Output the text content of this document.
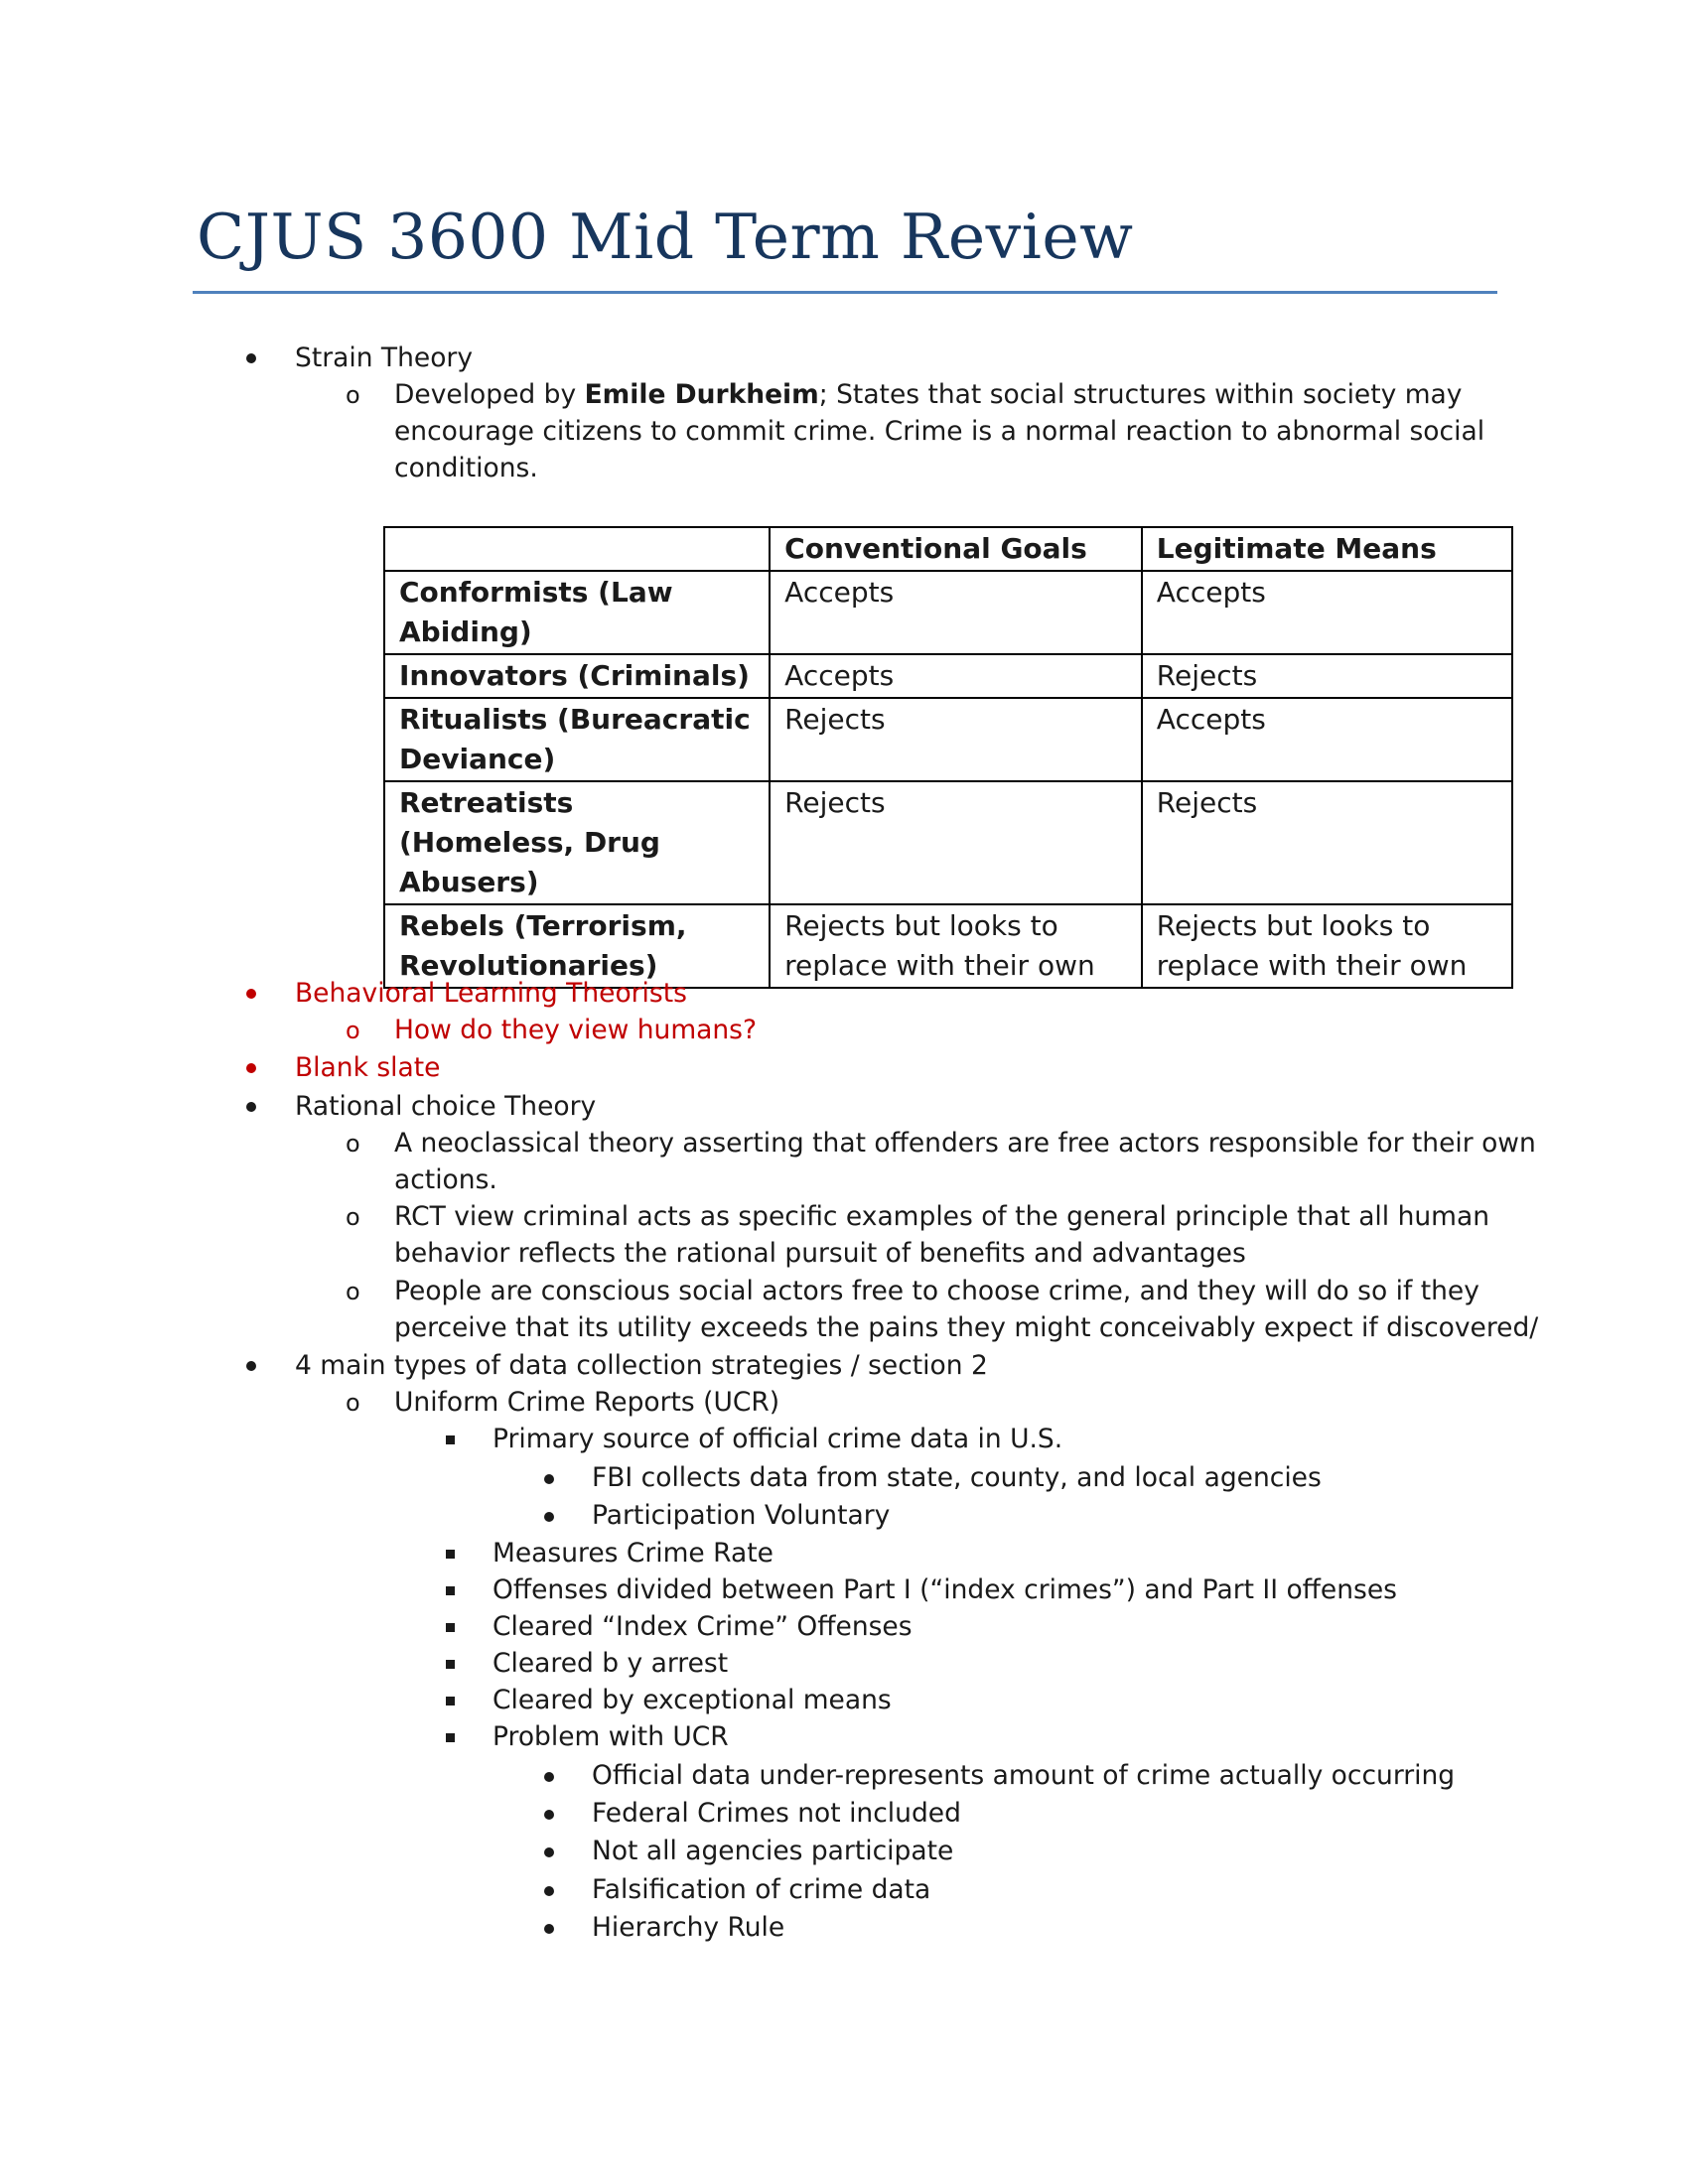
CJUS 3600 Mid Term Review
Strain Theory
o Developed by Emile Durkheim; States that social structures within society may
encourage citizens to commit crime. Crime is a normal reaction to abnormal social
conditions.
	Conventional Goals	Legitimate Means
Conformists (Law Abiding)	Accepts	Accepts
Innovators (Criminals)	Accepts	Rejects
Ritualists (Bureacratic Deviance)	Rejects	Accepts
Retreatists (Homeless, Drug Abusers)	Rejects	Rejects
Rebels (Terrorism, Revolutionaries)	Rejects but looks to replace with their own	Rejects but looks to replace with their own
Behavioral Learning Theorists
o How do they view humans?
Blank slate
Rational choice Theory
o A neoclassical theory asserting that offenders are free actors responsible for their own
actions.
o RCT view criminal acts as specific examples of the general principle that all human
behavior reflects the rational pursuit of benefits and advantages
o People are conscious social actors free to choose crime, and they will do so if they
perceive that its utility exceeds the pains they might conceivably expect if discovered/
4 main types of data collection strategies / section 2
o Uniform Crime Reports (UCR)
Primary source of official crime data in U.S.
FBI collects data from state, county, and local agencies
Participation Voluntary
Measures Crime Rate
Offenses divided between Part I (“index crimes”) and Part II offenses
Cleared “Index Crime” Offenses
Cleared b y arrest
Cleared by exceptional means
Problem with UCR
Official data under-represents amount of crime actually occurring
Federal Crimes not included
Not all agencies participate
Falsification of crime data
Hierarchy Rule
